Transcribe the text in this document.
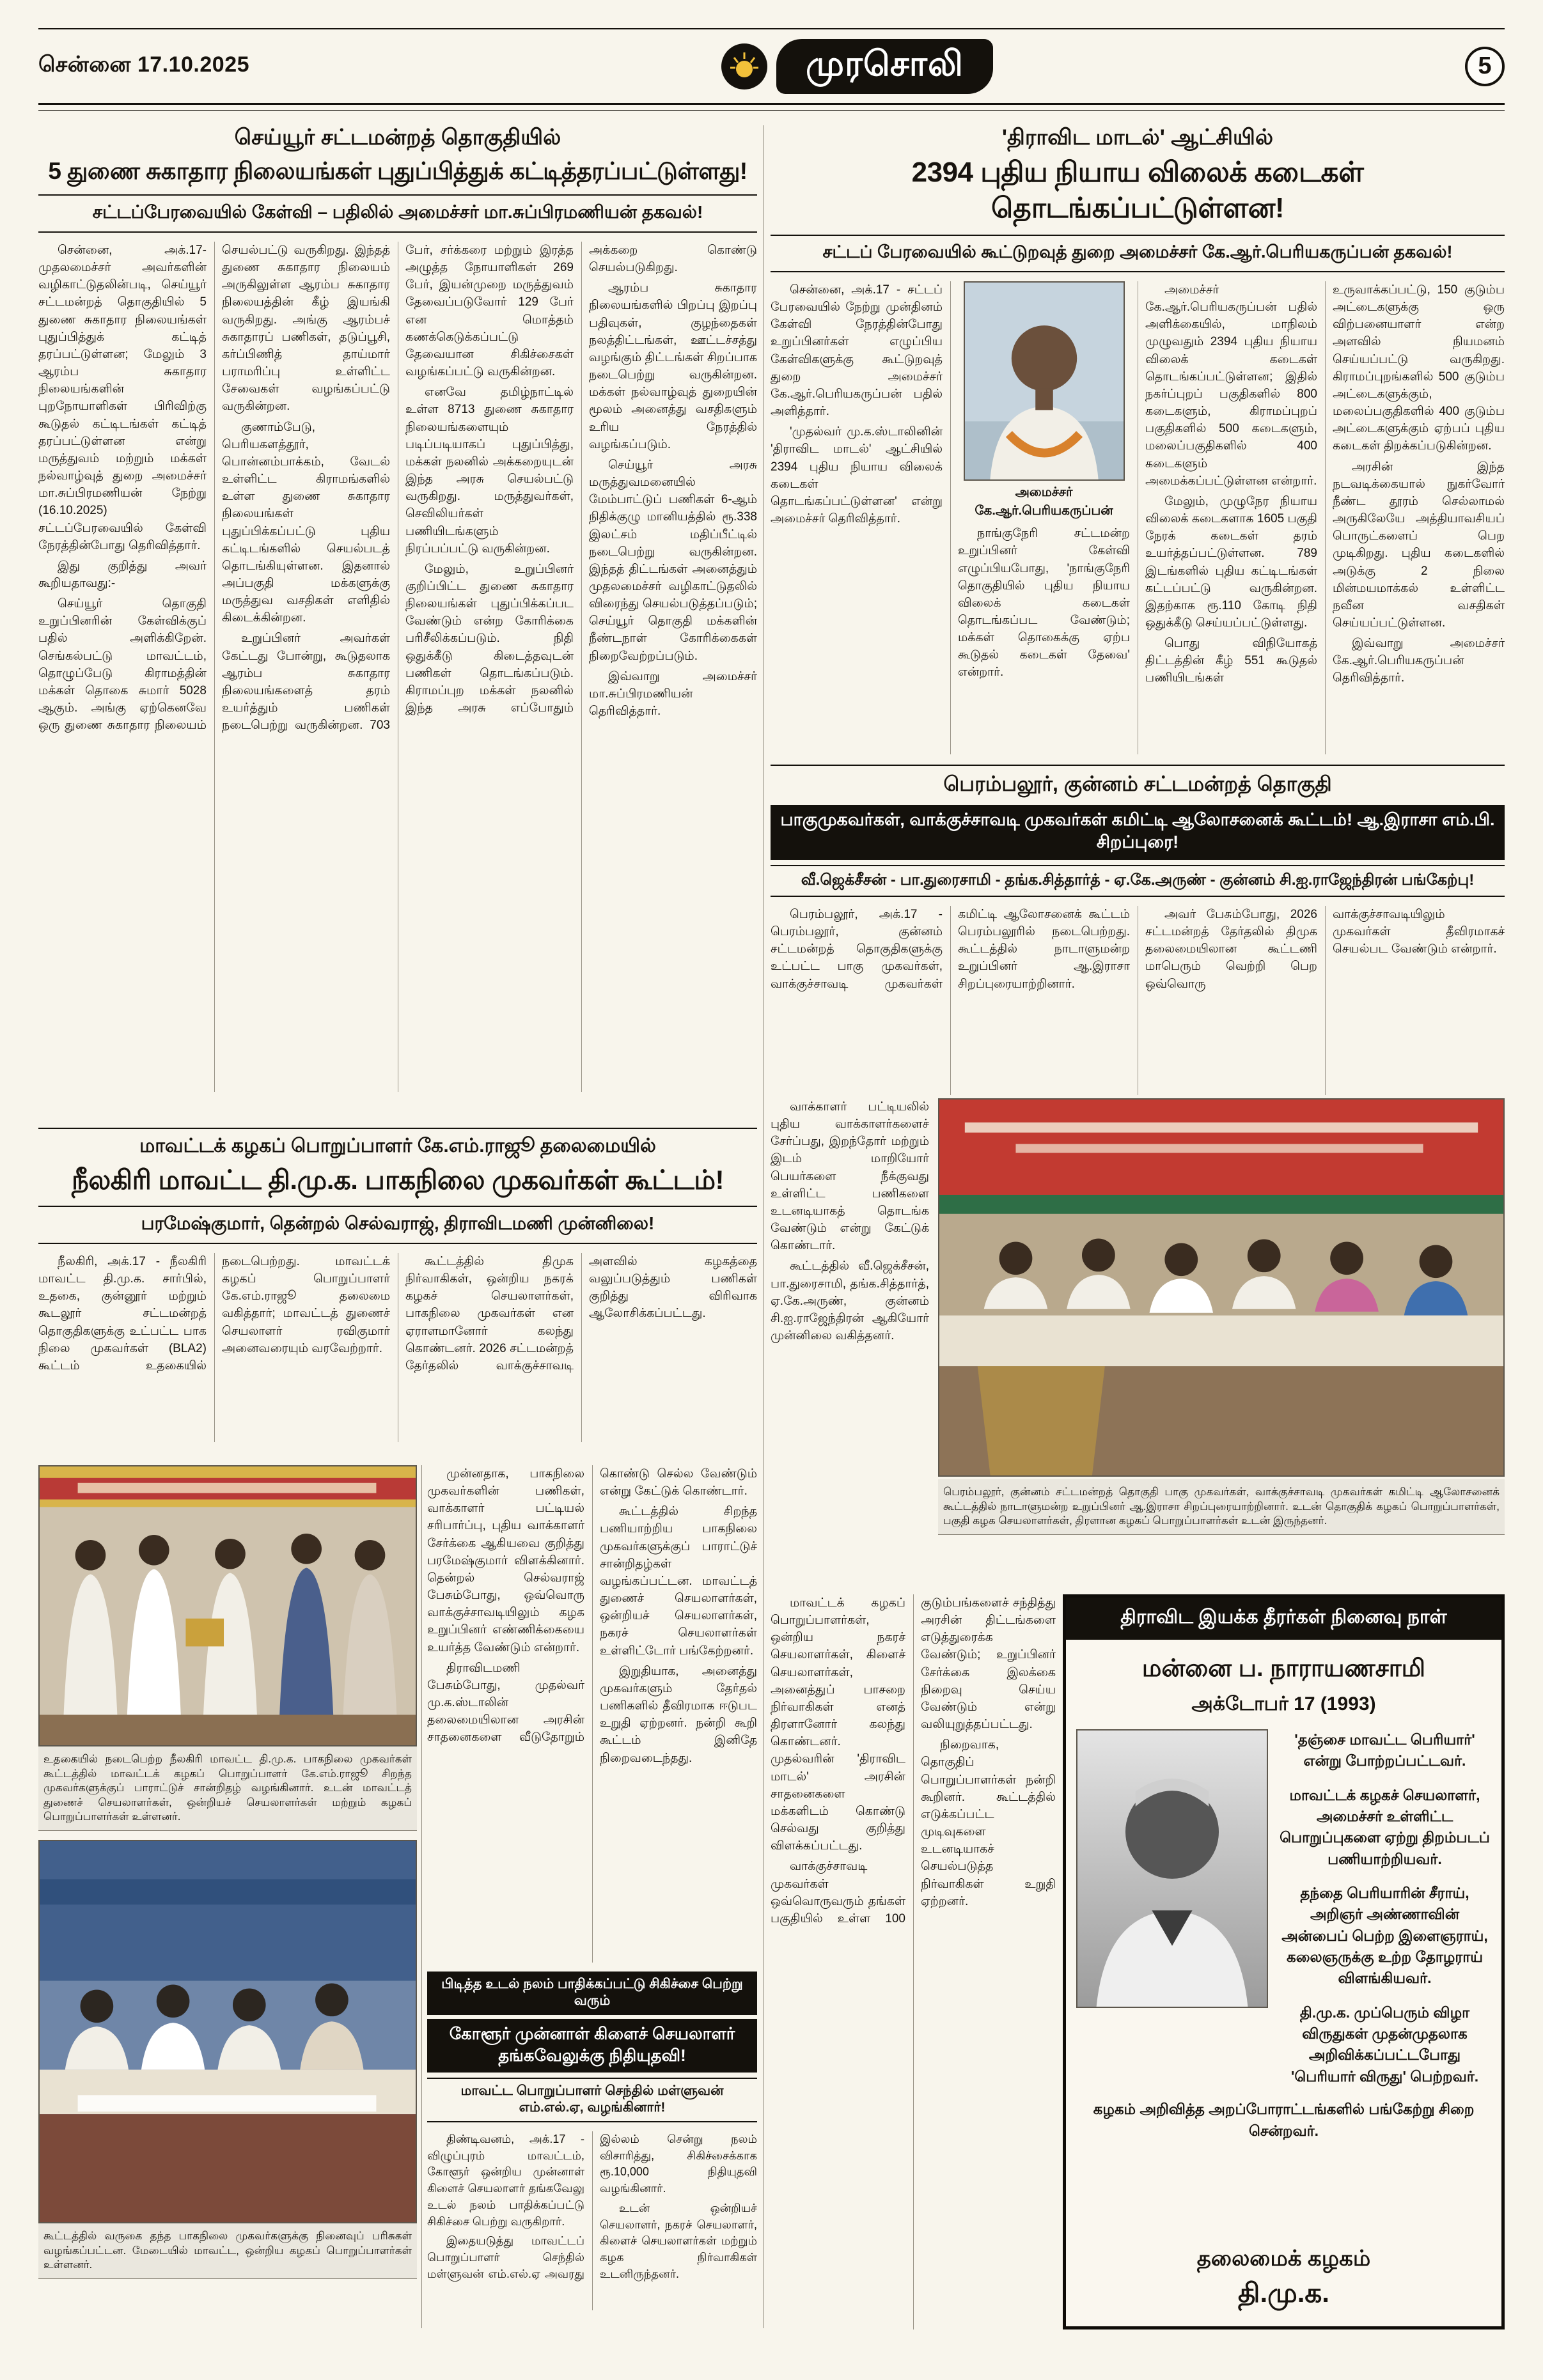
சென்னை 17.10.2025	முரசொலி	5
செய்யூர் சட்டமன்றத் தொகுதியில்
5 துணை சுகாதார நிலையங்கள் புதுப்பித்துக் கட்டித்தரப்பட்டுள்ளது!
சட்டப்பேரவையில் கேள்வி – பதிலில் அமைச்சர் மா.சுப்பிரமணியன் தகவல்!

சென்னை, அக்.17- முதலமைச்சர் அவர்களின் வழிகாட்டுதலின்படி, செய்யூர் சட்டமன்றத் தொகுதியில் 5 துணை சுகாதார நிலையங்கள் புதுப்பித்துக் கட்டித் தரப்பட்டுள்ளன; மேலும் 3 ஆரம்ப சுகாதார நிலையங்களின் புறநோயாளிகள் பிரிவிற்கு கூடுதல் கட்டிடங்கள் கட்டித் தரப்பட்டுள்ளன என்று மருத்துவம் மற்றும் மக்கள் நல்வாழ்வுத் துறை அமைச்சர் மா.சுப்பிரமணியன் நேற்று (16.10.2025) சட்டப்பேரவையில் கேள்வி நேரத்தின்போது தெரிவித்தார்.

இது குறித்து அவர் கூறியதாவது:-

செய்யூர் தொகுதி உறுப்பினரின் கேள்விக்குப் பதில் அளிக்கிறேன். செங்கல்பட்டு மாவட்டம், தொழுப்பேடு கிராமத்தின் மக்கள் தொகை சுமார் 5028 ஆகும். அங்கு ஏற்கெனவே ஒரு துணை சுகாதார நிலையம் செயல்பட்டு வருகிறது. இந்தத் துணை சுகாதார நிலையம் அருகிலுள்ள ஆரம்ப சுகாதார நிலையத்தின் கீழ் இயங்கி வருகிறது. அங்கு ஆரம்பச் சுகாதாரப் பணிகள், தடுப்பூசி, கர்ப்பிணித் தாய்மார் பராமரிப்பு உள்ளிட்ட சேவைகள் வழங்கப்பட்டு வருகின்றன.

குணாம்பேடு, பெரியகளத்தூர், பொன்னம்பாக்கம், வேடல் உள்ளிட்ட கிராமங்களில் உள்ள துணை சுகாதார நிலையங்கள் புதுப்பிக்கப்பட்டு புதிய கட்டிடங்களில் செயல்படத் தொடங்கியுள்ளன. இதனால் அப்பகுதி மக்களுக்கு மருத்துவ வசதிகள் எளிதில் கிடைக்கின்றன.

உறுப்பினர் அவர்கள் கேட்டது போன்று, கூடுதலாக ஆரம்ப சுகாதார நிலையங்களைத் தரம் உயர்த்தும் பணிகள் நடைபெற்று வருகின்றன. 703 பேர், சர்க்கரை மற்றும் இரத்த அழுத்த நோயாளிகள் 269 பேர், இயன்முறை மருத்துவம் தேவைப்படுவோர் 129 பேர் என மொத்தம் கணக்கெடுக்கப்பட்டு தேவையான சிகிச்சைகள் வழங்கப்பட்டு வருகின்றன.

எனவே தமிழ்நாட்டில் உள்ள 8713 துணை சுகாதார நிலையங்களையும் படிப்படியாகப் புதுப்பித்து, மக்கள் நலனில் அக்கறையுடன் இந்த அரசு செயல்பட்டு வருகிறது. மருத்துவர்கள், செவிலியர்கள் பணியிடங்களும் நிரப்பப்பட்டு வருகின்றன.

மேலும், உறுப்பினர் குறிப்பிட்ட துணை சுகாதார நிலையங்கள் புதுப்பிக்கப்பட வேண்டும் என்ற கோரிக்கை பரிசீலிக்கப்படும். நிதி ஒதுக்கீடு கிடைத்தவுடன் பணிகள் தொடங்கப்படும். கிராமப்புற மக்கள் நலனில் இந்த அரசு எப்போதும் அக்கறை கொண்டு செயல்படுகிறது.

ஆரம்ப சுகாதார நிலையங்களில் பிறப்பு இறப்பு பதிவுகள், குழந்தைகள் நலத்திட்டங்கள், ஊட்டச்சத்து வழங்கும் திட்டங்கள் சிறப்பாக நடைபெற்று வருகின்றன. மக்கள் நல்வாழ்வுத் துறையின் மூலம் அனைத்து வசதிகளும் உரிய நேரத்தில் வழங்கப்படும்.

செய்யூர் அரசு மருத்துவமனையில் மேம்பாட்டுப் பணிகள் 6-ஆம் நிதிக்குழு மானியத்தில் ரூ.338 இலட்சம் மதிப்பீட்டில் நடைபெற்று வருகின்றன. இந்தத் திட்டங்கள் அனைத்தும் முதலமைச்சர் வழிகாட்டுதலில் விரைந்து செயல்படுத்தப்படும்; செய்யூர் தொகுதி மக்களின் நீண்டநாள் கோரிக்கைகள் நிறைவேற்றப்படும்.

இவ்வாறு அமைச்சர் மா.சுப்பிரமணியன் தெரிவித்தார்.

'திராவிட மாடல்' ஆட்சியில்
2394 புதிய நியாய விலைக் கடைகள் தொடங்கப்பட்டுள்ளன!
சட்டப் பேரவையில் கூட்டுறவுத் துறை அமைச்சர் கே.ஆர்.பெரியகருப்பன் தகவல்!

சென்னை, அக்.17 - சட்டப் பேரவையில் நேற்று முன்தினம் கேள்வி நேரத்தின்போது உறுப்பினர்கள் எழுப்பிய கேள்விகளுக்கு கூட்டுறவுத் துறை அமைச்சர் கே.ஆர்.பெரியகருப்பன் பதில் அளித்தார்.

'முதல்வர் மு.க.ஸ்டாலினின் 'திராவிட மாடல்' ஆட்சியில் 2394 புதிய நியாய விலைக் கடைகள் தொடங்கப்பட்டுள்ளன' என்று அமைச்சர் தெரிவித்தார்.

அமைச்சர் கே.ஆர்.பெரியகருப்பன்

நாங்குநேரி சட்டமன்ற உறுப்பினர் கேள்வி எழுப்பியபோது, 'நாங்குநேரி தொகுதியில் புதிய நியாய விலைக் கடைகள் தொடங்கப்பட வேண்டும்; மக்கள் தொகைக்கு ஏற்ப கூடுதல் கடைகள் தேவை' என்றார்.

அமைச்சர் கே.ஆர்.பெரியகருப்பன் பதில் அளிக்கையில், மாநிலம் முழுவதும் 2394 புதிய நியாய விலைக் கடைகள் தொடங்கப்பட்டுள்ளன; இதில் நகர்ப்புறப் பகுதிகளில் 800 கடைகளும், கிராமப்புறப் பகுதிகளில் 500 கடைகளும், மலைப்பகுதிகளில் 400 கடைகளும் அமைக்கப்பட்டுள்ளன என்றார்.

மேலும், முழுநேர நியாய விலைக் கடைகளாக 1605 பகுதி நேரக் கடைகள் தரம் உயர்த்தப்பட்டுள்ளன. 789 இடங்களில் புதிய கட்டிடங்கள் கட்டப்பட்டு வருகின்றன. இதற்காக ரூ.110 கோடி நிதி ஒதுக்கீடு செய்யப்பட்டுள்ளது.

பொது விநியோகத் திட்டத்தின் கீழ் 551 கூடுதல் பணியிடங்கள் உருவாக்கப்பட்டு, 150 குடும்ப அட்டைகளுக்கு ஒரு விற்பனையாளர் என்ற அளவில் நியமனம் செய்யப்பட்டு வருகிறது. கிராமப்புறங்களில் 500 குடும்ப அட்டைகளுக்கும், மலைப்பகுதிகளில் 400 குடும்ப அட்டைகளுக்கும் ஏற்பப் புதிய கடைகள் திறக்கப்படுகின்றன.

அரசின் இந்த நடவடிக்கையால் நுகர்வோர் நீண்ட தூரம் செல்லாமல் அருகிலேயே அத்தியாவசியப் பொருட்களைப் பெற முடிகிறது. புதிய கடைகளில் அடுக்கு 2 நிலை மின்மயமாக்கல் உள்ளிட்ட நவீன வசதிகள் செய்யப்பட்டுள்ளன.

இவ்வாறு அமைச்சர் கே.ஆர்.பெரியகருப்பன் தெரிவித்தார்.

பெரம்பலூர், குன்னம் சட்டமன்றத் தொகுதி
பாகுமுகவர்கள், வாக்குச்சாவடி முகவர்கள் கமிட்டி ஆலோசனைக் கூட்டம்! ஆ.இராசா எம்.பி. சிறப்புரை!
வீ.ஜெக்சீசன் - பா.துரைசாமி - தங்க.சித்தார்த் - ஏ.கே.அருண் - குன்னம் சி.ஐ.ராஜேந்திரன் பங்கேற்பு!

பெரம்பலூர், அக்.17 - பெரம்பலூர், குன்னம் சட்டமன்றத் தொகுதிகளுக்கு உட்பட்ட பாகு முகவர்கள், வாக்குச்சாவடி முகவர்கள் கமிட்டி ஆலோசனைக் கூட்டம் பெரம்பலூரில் நடைபெற்றது. கூட்டத்தில் நாடாளுமன்ற உறுப்பினர் ஆ.இராசா சிறப்புரையாற்றினார்.

அவர் பேசும்போது, 2026 சட்டமன்றத் தேர்தலில் திமுக தலைமையிலான கூட்டணி மாபெரும் வெற்றி பெற ஒவ்வொரு வாக்குச்சாவடியிலும் முகவர்கள் தீவிரமாகச் செயல்பட வேண்டும் என்றார்.

வாக்காளர் பட்டியலில் புதிய வாக்காளர்களைச் சேர்ப்பது, இறந்தோர் மற்றும் இடம் மாறியோர் பெயர்களை நீக்குவது உள்ளிட்ட பணிகளை உடனடியாகத் தொடங்க வேண்டும் என்று கேட்டுக் கொண்டார்.

கூட்டத்தில் வீ.ஜெக்சீசன், பா.துரைசாமி, தங்க.சித்தார்த், ஏ.கே.அருண், குன்னம் சி.ஐ.ராஜேந்திரன் ஆகியோர் முன்னிலை வகித்தனர்.

பெரம்பலூர், குன்னம் சட்டமன்றத் தொகுதி பாகு முகவர்கள், வாக்குச்சாவடி முகவர்கள் கமிட்டி ஆலோசனைக் கூட்டத்தில் நாடாளுமன்ற உறுப்பினர் ஆ.இராசா சிறப்புரையாற்றினார். உடன் தொகுதிக் கழகப் பொறுப்பாளர்கள், பகுதி கழக செயலாளர்கள், திரளான கழகப் பொறுப்பாளர்கள் உடன் இருந்தனர்.

மாவட்டக் கழகப் பொறுப்பாளர்கள், ஒன்றிய நகரச் செயலாளர்கள், கிளைச் செயலாளர்கள், அனைத்துப் பாசறை நிர்வாகிகள் எனத் திரளானோர் கலந்து கொண்டனர். முதல்வரின் 'திராவிட மாடல்' அரசின் சாதனைகளை மக்களிடம் கொண்டு செல்வது குறித்து விளக்கப்பட்டது.

வாக்குச்சாவடி முகவர்கள் ஒவ்வொருவரும் தங்கள் பகுதியில் உள்ள 100 குடும்பங்களைச் சந்தித்து அரசின் திட்டங்களை எடுத்துரைக்க வேண்டும்; உறுப்பினர் சேர்க்கை இலக்கை நிறைவு செய்ய வேண்டும் என்று வலியுறுத்தப்பட்டது.

நிறைவாக, தொகுதிப் பொறுப்பாளர்கள் நன்றி கூறினர். கூட்டத்தில் எடுக்கப்பட்ட முடிவுகளை உடனடியாகச் செயல்படுத்த நிர்வாகிகள் உறுதி ஏற்றனர்.

திராவிட இயக்க தீரர்கள் நினைவு நாள்
மன்னை ப. நாராயணசாமி
அக்டோபர் 17 (1993)

'தஞ்சை மாவட்ட பெரியார்' என்று போற்றப்பட்டவர்.

மாவட்டக் கழகச் செயலாளர், அமைச்சர் உள்ளிட்ட பொறுப்புகளை ஏற்று திறம்படப் பணியாற்றியவர்.

தந்தை பெரியாரின் சீராய், அறிஞர் அண்ணாவின் அன்பைப் பெற்ற இளைஞராய், கலைஞருக்கு உற்ற தோழராய் விளங்கியவர்.

தி.மு.க. முப்பெரும் விழா விருதுகள் முதன்முதலாக அறிவிக்கப்பட்டபோது 'பெரியார் விருது' பெற்றவர்.

கழகம் அறிவித்த அறப்போராட்டங்களில் பங்கேற்று சிறை சென்றவர்.
தலைமைக் கழகம்
தி.மு.க.
மாவட்டக் கழகப் பொறுப்பாளர் கே.எம்.ராஜூ தலைமையில்
நீலகிரி மாவட்ட தி.மு.க. பாகநிலை முகவர்கள் கூட்டம்!
பரமேஷ்குமார், தென்றல் செல்வராஜ், திராவிடமணி முன்னிலை!

நீலகிரி, அக்.17 - நீலகிரி மாவட்ட தி.மு.க. சார்பில், உதகை, குன்னூர் மற்றும் கூடலூர் சட்டமன்றத் தொகுதிகளுக்கு உட்பட்ட பாக நிலை முகவர்கள் (BLA2) கூட்டம் உதகையில் நடைபெற்றது. மாவட்டக் கழகப் பொறுப்பாளர் கே.எம்.ராஜூ தலைமை வகித்தார்; மாவட்டத் துணைச் செயலாளர் ரவிகுமார் அனைவரையும் வரவேற்றார்.

கூட்டத்தில் திமுக நிர்வாகிகள், ஒன்றிய நகரக் கழகச் செயலாளர்கள், பாகநிலை முகவர்கள் என ஏராளமானோர் கலந்து கொண்டனர். 2026 சட்டமன்றத் தேர்தலில் வாக்குச்சாவடி அளவில் கழகத்தை வலுப்படுத்தும் பணிகள் குறித்து விரிவாக ஆலோசிக்கப்பட்டது.

உதகையில் நடைபெற்ற நீலகிரி மாவட்ட தி.மு.க. பாகநிலை முகவர்கள் கூட்டத்தில் மாவட்டக் கழகப் பொறுப்பாளர் கே.எம்.ராஜூ சிறந்த முகவர்களுக்குப் பாராட்டுச் சான்றிதழ் வழங்கினார். உடன் மாவட்டத் துணைச் செயலாளர்கள், ஒன்றியச் செயலாளர்கள் மற்றும் கழகப் பொறுப்பாளர்கள் உள்ளனர்.
கூட்டத்தில் வருகை தந்த பாகநிலை முகவர்களுக்கு நினைவுப் பரிசுகள் வழங்கப்பட்டன. மேடையில் மாவட்ட, ஒன்றிய கழகப் பொறுப்பாளர்கள் உள்ளனர்.

முன்னதாக, பாகநிலை முகவர்களின் பணிகள், வாக்காளர் பட்டியல் சரிபார்ப்பு, புதிய வாக்காளர் சேர்க்கை ஆகியவை குறித்து பரமேஷ்குமார் விளக்கினார். தென்றல் செல்வராஜ் பேசும்போது, ஒவ்வொரு வாக்குச்சாவடியிலும் கழக உறுப்பினர் எண்ணிக்கையை உயர்த்த வேண்டும் என்றார்.

திராவிடமணி பேசும்போது, முதல்வர் மு.க.ஸ்டாலின் தலைமையிலான அரசின் சாதனைகளை வீடுதோறும் கொண்டு செல்ல வேண்டும் என்று கேட்டுக் கொண்டார்.

கூட்டத்தில் சிறந்த பணியாற்றிய பாகநிலை முகவர்களுக்குப் பாராட்டுச் சான்றிதழ்கள் வழங்கப்பட்டன. மாவட்டத் துணைச் செயலாளர்கள், ஒன்றியச் செயலாளர்கள், நகரச் செயலாளர்கள் உள்ளிட்டோர் பங்கேற்றனர்.

இறுதியாக, அனைத்து முகவர்களும் தேர்தல் பணிகளில் தீவிரமாக ஈடுபட உறுதி ஏற்றனர். நன்றி கூறி கூட்டம் இனிதே நிறைவடைந்தது.

பிடித்த உடல் நலம் பாதிக்கப்பட்டு சிகிச்சை பெற்று வரும்
கோளூர் முன்னாள் கிளைச் செயலாளர் தங்கவேலுக்கு நிதியுதவி!
மாவட்ட பொறுப்பாளர் செந்தில் மள்ளுவன் எம்.எல்.ஏ, வழங்கினார்!

திண்டிவனம், அக்.17 - விழுப்புரம் மாவட்டம், கோளூர் ஒன்றிய முன்னாள் கிளைச் செயலாளர் தங்கவேலு உடல் நலம் பாதிக்கப்பட்டு சிகிச்சை பெற்று வருகிறார்.

இதையடுத்து மாவட்டப் பொறுப்பாளர் செந்தில் மள்ளுவன் எம்.எல்.ஏ அவரது இல்லம் சென்று நலம் விசாரித்து, சிகிச்சைக்காக ரூ.10,000 நிதியுதவி வழங்கினார்.

உடன் ஒன்றியச் செயலாளர், நகரச் செயலாளர், கிளைச் செயலாளர்கள் மற்றும் கழக நிர்வாகிகள் உடனிருந்தனர்.
